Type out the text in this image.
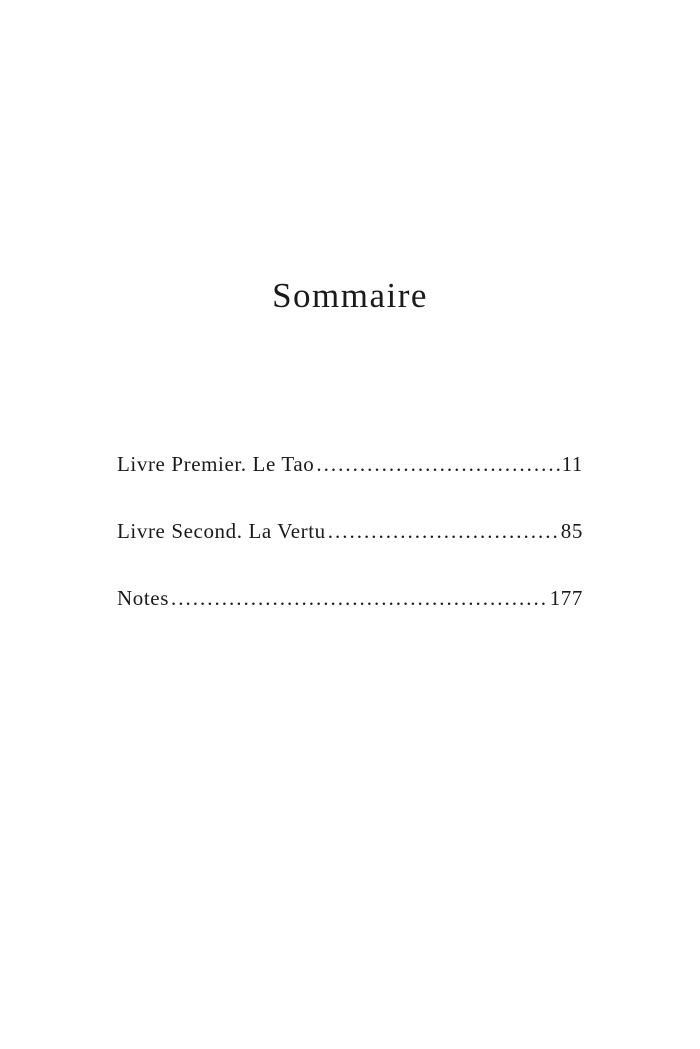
Sommaire
Livre Premier. Le Tao .....	11
Livre Second. La Vertu .....	85
Notes .....	177
